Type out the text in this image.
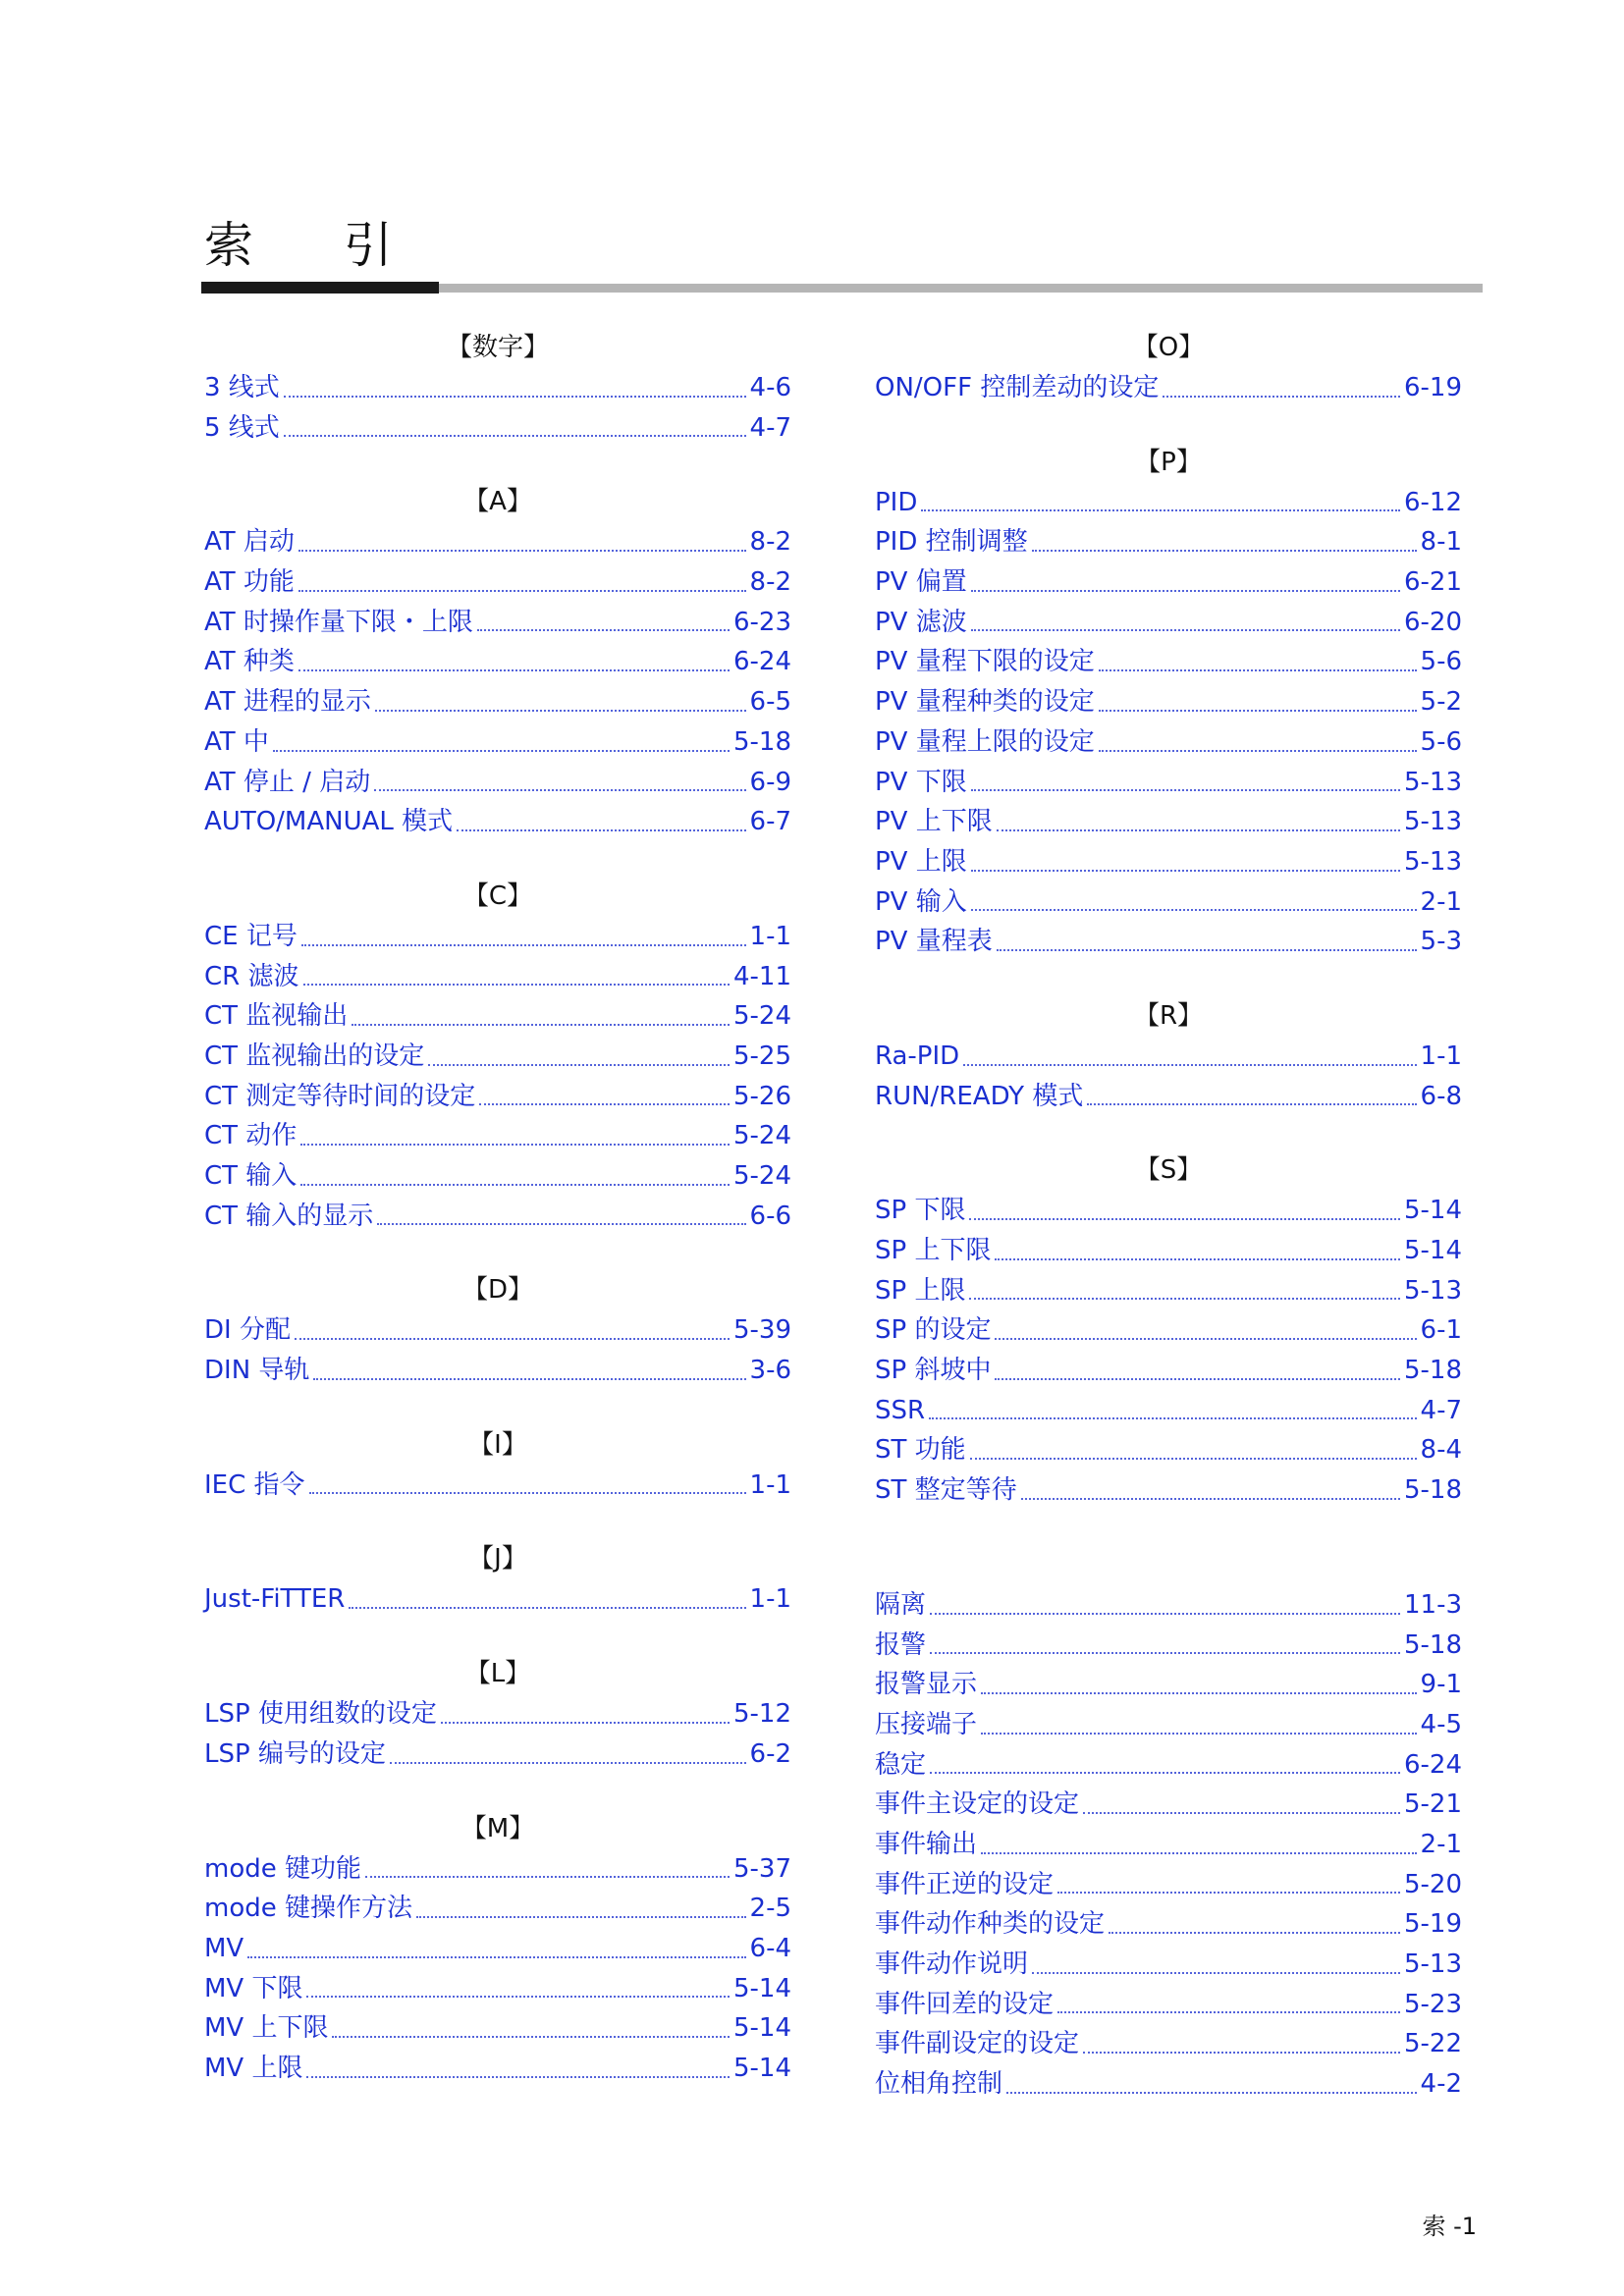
索 引
【数字】
3 线式	4-6
5 线式	4-7
【A】
AT 启动	8-2
AT 功能	8-2
AT 时操作量下限・上限	6-23
AT 种类	6-24
AT 进程的显示	6-5
AT 中	5-18
AT 停止 / 启动	6-9
AUTO/MANUAL 模式	6-7
【C】
CE 记号	1-1
CR 滤波	4-11
CT 监视输出	5-24
CT 监视输出的设定	5-25
CT 测定等待时间的设定	5-26
CT 动作	5-24
CT 输入	5-24
CT 输入的显示	6-6
【D】
DI 分配	5-39
DIN 导轨	3-6
【I】
IEC 指令	1-1
【J】
Just-FiTTER	1-1
【L】
LSP 使用组数的设定	5-12
LSP 编号的设定	6-2
【M】
mode 键功能	5-37
mode 键操作方法	2-5
MV	6-4
MV 下限	5-14
MV 上下限	5-14
MV 上限	5-14
【O】
ON/OFF 控制差动的设定	6-19
【P】
PID	6-12
PID 控制调整	8-1
PV 偏置	6-21
PV 滤波	6-20
PV 量程下限的设定	5-6
PV 量程种类的设定	5-2
PV 量程上限的设定	5-6
PV 下限	5-13
PV 上下限	5-13
PV 上限	5-13
PV 输入	2-1
PV 量程表	5-3
【R】
Ra-PID	1-1
RUN/READY 模式	6-8
【S】
SP 下限	5-14
SP 上下限	5-14
SP 上限	5-13
SP 的设定	6-1
SP 斜坡中	5-18
SSR	4-7
ST 功能	8-4
ST 整定等待	5-18
隔离	11-3
报警	5-18
报警显示	9-1
压接端子	4-5
稳定	6-24
事件主设定的设定	5-21
事件输出	2-1
事件正逆的设定	5-20
事件动作种类的设定	5-19
事件动作说明	5-13
事件回差的设定	5-23
事件副设定的设定	5-22
位相角控制	4-2
索 -1
